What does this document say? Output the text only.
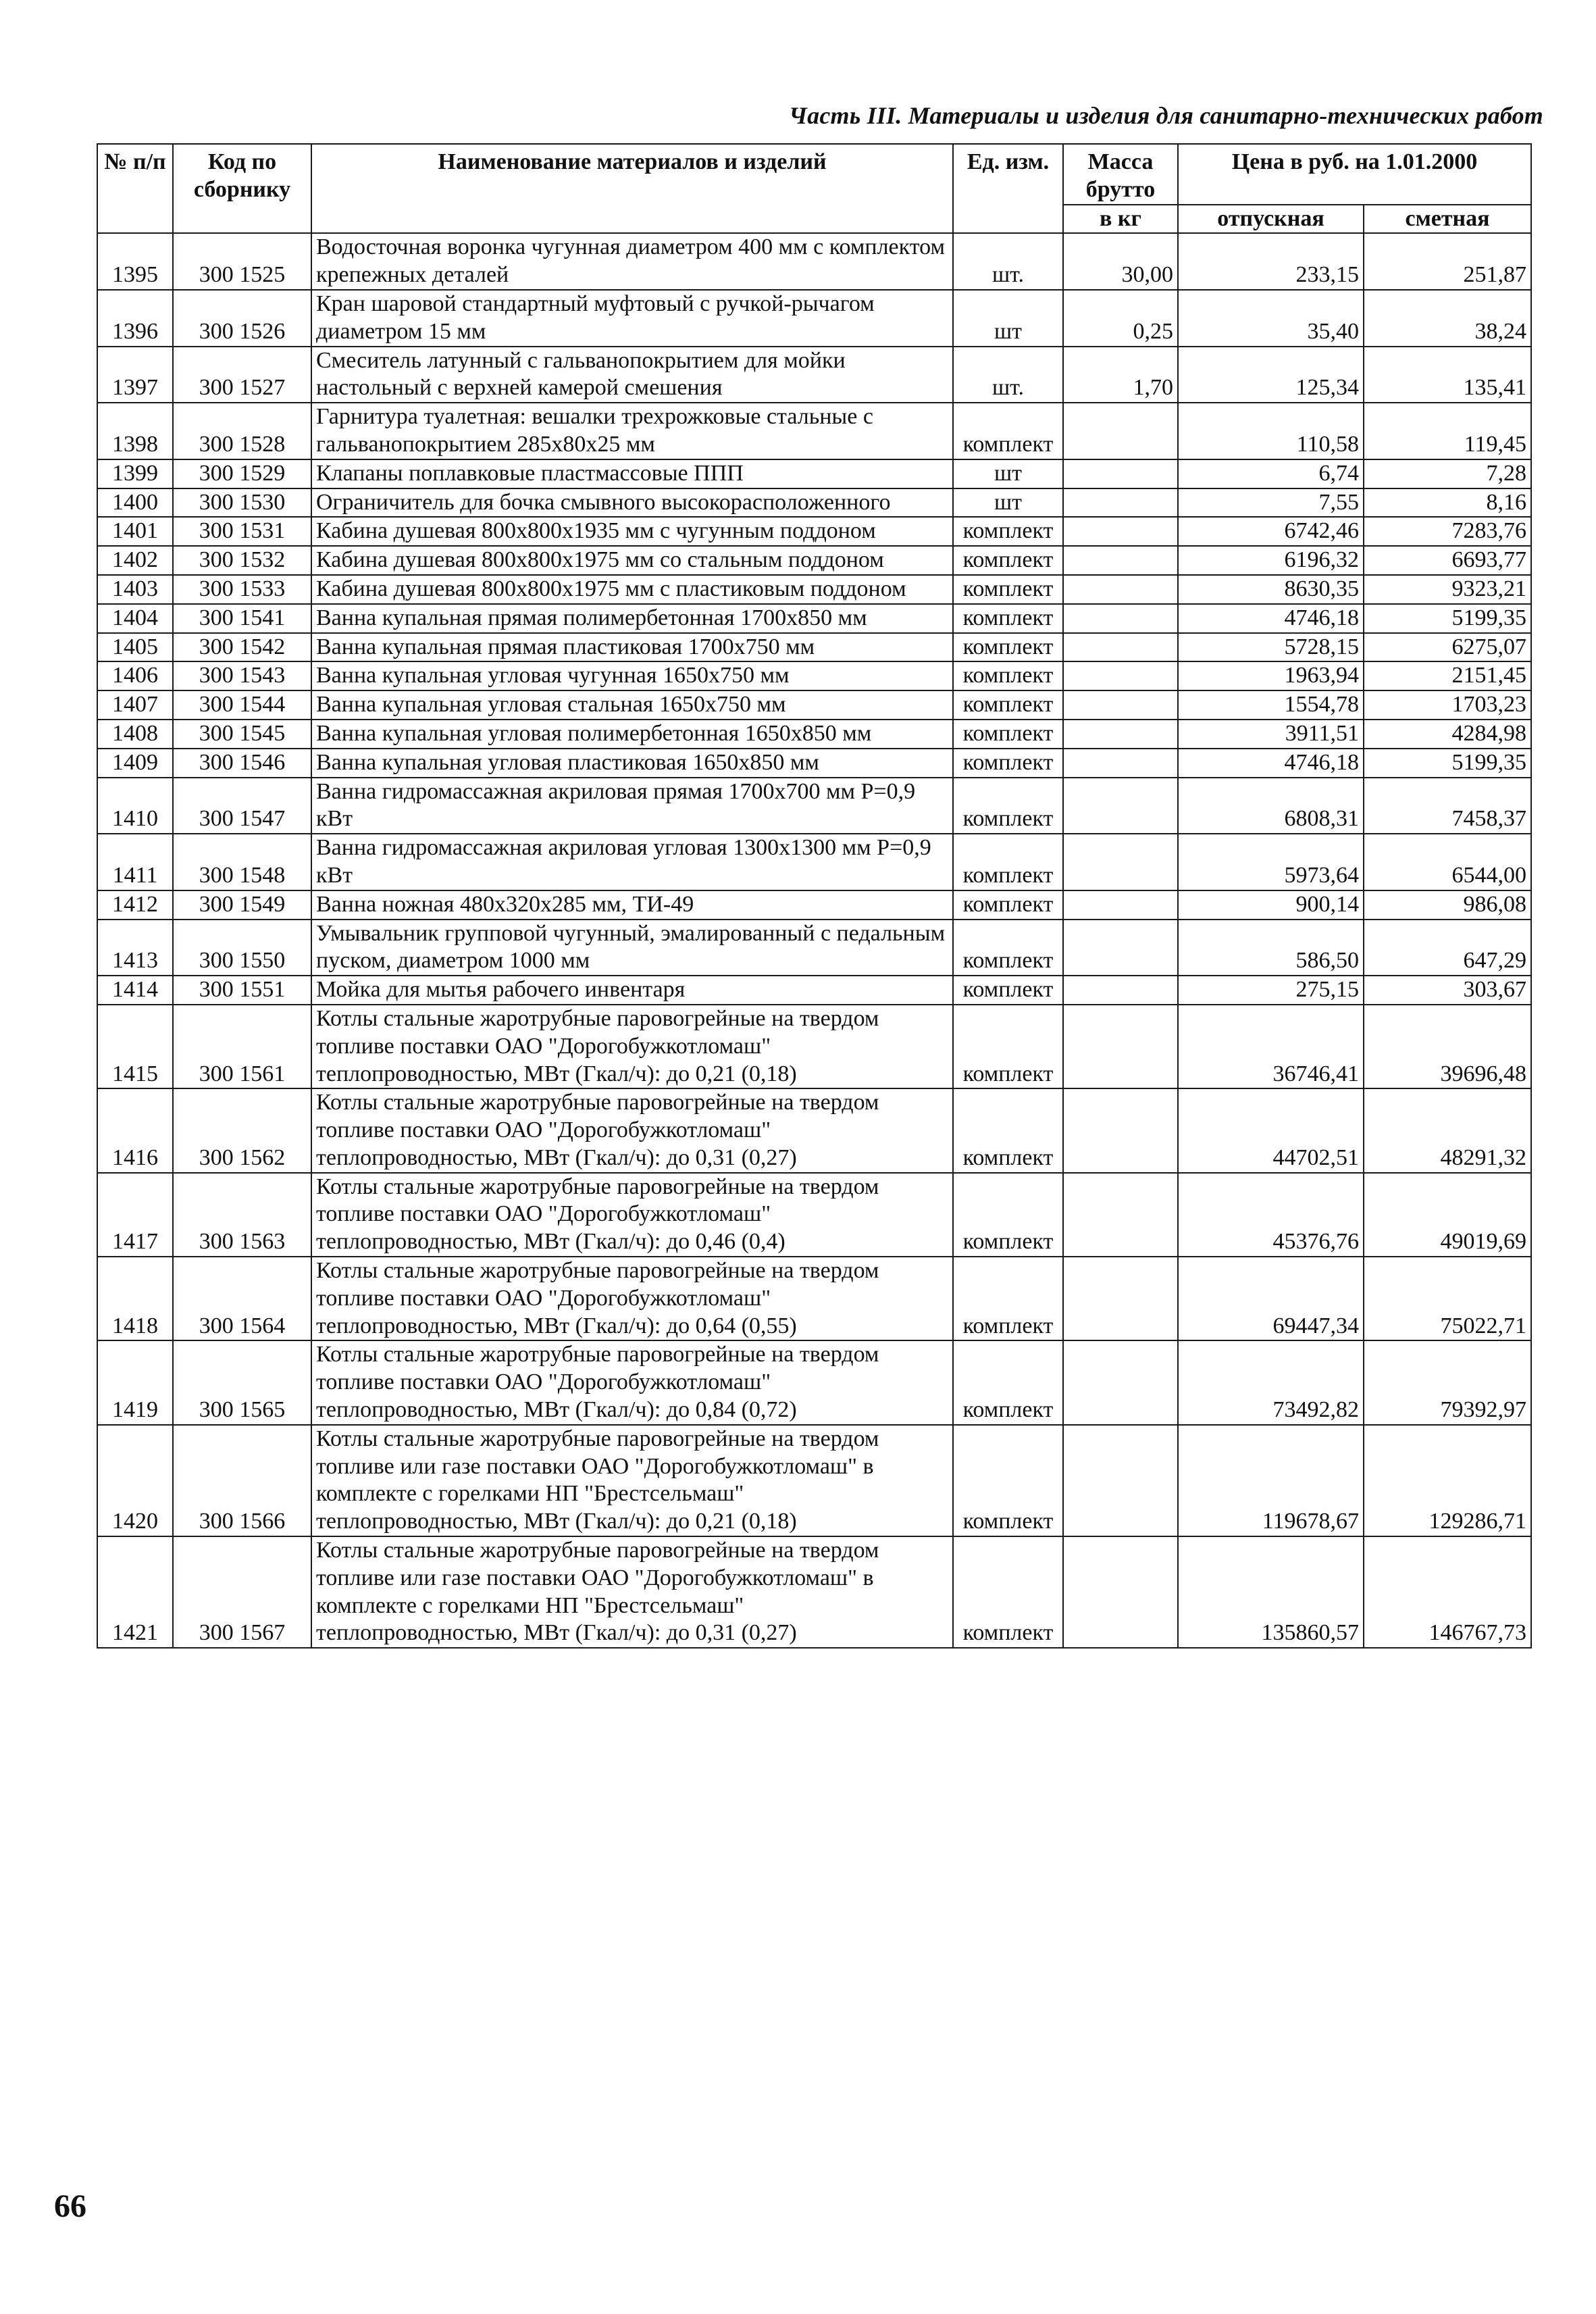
Часть III. Материалы и изделия для санитарно-технических работ
№ п/п	Код по сборнику	Наименование материалов и изделий	Ед. изм.	Масса брутто	Цена в руб. на 1.01.2000	
				в кг	отпускная	сметная
1395	300 1525	Водосточная воронка чугунная диаметром 400 мм с комплектом крепежных деталей	шт.	30,00	233,15	251,87
1396	300 1526	Кран шаровой стандартный муфтовый с ручкой-рычагом диаметром 15 мм	шт	0,25	35,40	38,24
1397	300 1527	Смеситель латунный с гальванопокрытием для мойки настольный с верхней камерой смешения	шт.	1,70	125,34	135,41
1398	300 1528	Гарнитура туалетная: вешалки трехрожковые стальные с гальванопокрытием 285x80x25 мм	комплект		110,58	119,45
1399	300 1529	Клапаны поплавковые пластмассовые ППП	шт		6,74	7,28
1400	300 1530	Ограничитель для бочка смывного высокорасположенного	шт		7,55	8,16
1401	300 1531	Кабина душевая 800x800x1935 мм с чугунным поддоном	комплект		6742,46	7283,76
1402	300 1532	Кабина душевая 800x800x1975 мм со стальным поддоном	комплект		6196,32	6693,77
1403	300 1533	Кабина душевая 800x800x1975 мм с пластиковым поддоном	комплект		8630,35	9323,21
1404	300 1541	Ванна купальная прямая полимербетонная 1700x850 мм	комплект		4746,18	5199,35
1405	300 1542	Ванна купальная прямая пластиковая 1700x750 мм	комплект		5728,15	6275,07
1406	300 1543	Ванна купальная угловая чугунная 1650x750 мм	комплект		1963,94	2151,45
1407	300 1544	Ванна купальная угловая стальная 1650x750 мм	комплект		1554,78	1703,23
1408	300 1545	Ванна купальная угловая полимербетонная 1650x850 мм	комплект		3911,51	4284,98
1409	300 1546	Ванна купальная угловая пластиковая 1650x850 мм	комплект		4746,18	5199,35
1410	300 1547	Ванна гидромассажная акриловая прямая 1700x700 мм P=0,9 кВт	комплект		6808,31	7458,37
1411	300 1548	Ванна гидромассажная акриловая угловая 1300x1300 мм P=0,9 кВт	комплект		5973,64	6544,00
1412	300 1549	Ванна ножная 480x320x285 мм, ТИ-49	комплект		900,14	986,08
1413	300 1550	Умывальник групповой чугунный, эмалированный с педальным пуском, диаметром 1000 мм	комплект		586,50	647,29
1414	300 1551	Мойка для мытья рабочего инвентаря	комплект		275,15	303,67
1415	300 1561	Котлы стальные жаротрубные паровогрейные на твердом топливе поставки ОАО "Дорогобужкотломаш" теплопроводностью, МВт (Гкал/ч): до 0,21 (0,18)	комплект		36746,41	39696,48
1416	300 1562	Котлы стальные жаротрубные паровогрейные на твердом топливе поставки ОАО "Дорогобужкотломаш" теплопроводностью, МВт (Гкал/ч): до 0,31 (0,27)	комплект		44702,51	48291,32
1417	300 1563	Котлы стальные жаротрубные паровогрейные на твердом топливе поставки ОАО "Дорогобужкотломаш" теплопроводностью, МВт (Гкал/ч): до 0,46 (0,4)	комплект		45376,76	49019,69
1418	300 1564	Котлы стальные жаротрубные паровогрейные на твердом топливе поставки ОАО "Дорогобужкотломаш" теплопроводностью, МВт (Гкал/ч): до 0,64 (0,55)	комплект		69447,34	75022,71
1419	300 1565	Котлы стальные жаротрубные паровогрейные на твердом топливе поставки ОАО "Дорогобужкотломаш" теплопроводностью, МВт (Гкал/ч): до 0,84 (0,72)	комплект		73492,82	79392,97
1420	300 1566	Котлы стальные жаротрубные паровогрейные на твердом топливе или газе поставки ОАО "Дорогобужкотломаш" в комплекте с горелками НП "Брестсельмаш" теплопроводностью, МВт (Гкал/ч): до 0,21 (0,18)	комплект		119678,67	129286,71
1421	300 1567	Котлы стальные жаротрубные паровогрейные на твердом топливе или газе поставки ОАО "Дорогобужкотломаш" в комплекте с горелками НП "Брестсельмаш" теплопроводностью, МВт (Гкал/ч): до 0,31 (0,27)	комплект		135860,57	146767,73
66
